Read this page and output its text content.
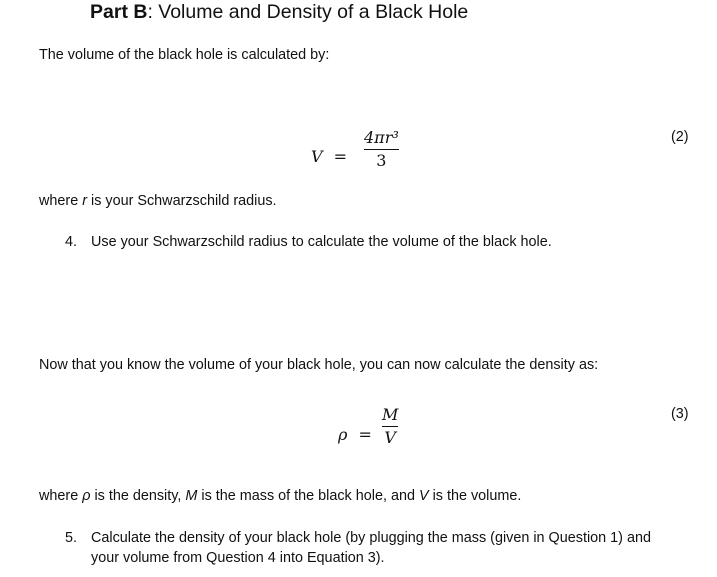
Part B: Volume and Density of a Black Hole
The volume of the black hole is calculated by:
V =
4πr³
3
(2)
where r is your Schwarzschild radius.
4. Use your Schwarzschild radius to calculate the volume of the black hole.
Now that you know the volume of your black hole, you can now calculate the density as:
ρ =
M
V
(3)
where ρ is the density, M is the mass of the black hole, and V is the volume.
5. Calculate the density of your black hole (by plugging the mass (given in Question 1) and
your volume from Question 4 into Equation 3).
